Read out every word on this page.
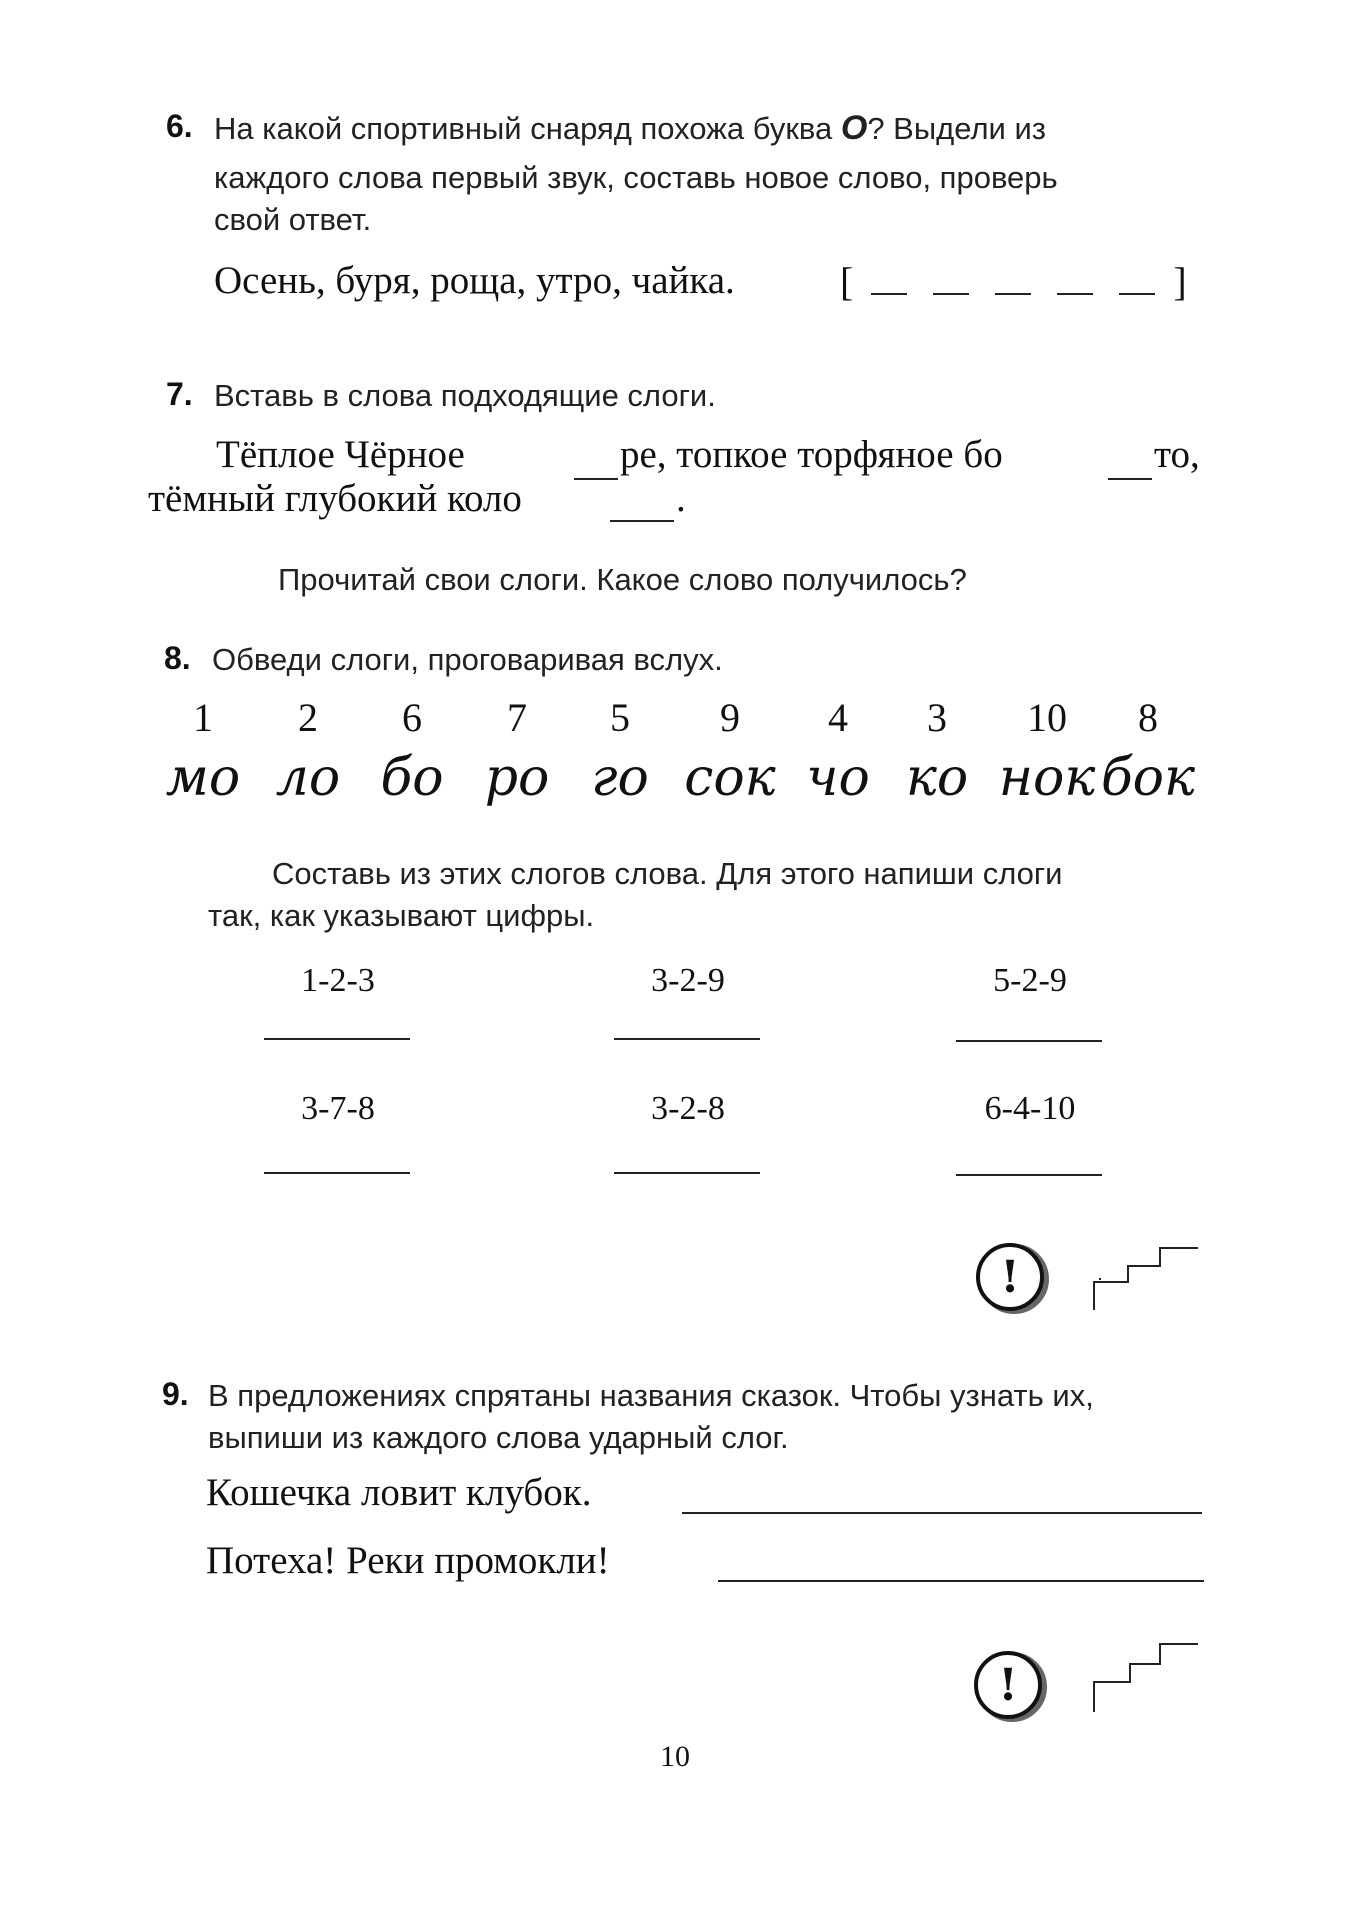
6. На какой спортивный снаряд похожа буква О? Выдели из
каждого слова первый звук, составь новое слово, проверь
свой ответ.
Осень, буря, роща, утро, чайка.	[	]
7. Вставь в слова подходящие слоги.
Тёплое Чёрное	ре, топкое торфяное бо	то,
тёмный глубокий коло	.
Прочитай свои слоги. Какое слово получилось?
8. Обведи слоги, проговаривая вслух.
1	2	6	7	5	9	4	3	10	8
мо ло бо ро го сок чо ко нок бок
Составь из этих слогов слова. Для этого напиши слоги
так, как указывают цифры.
1-2-3	3-2-9	5-2-9
3-7-8	3-2-8	6-4-10
!
9. В предложениях спрятаны названия сказок. Чтобы узнать их,
выпиши из каждого слова ударный слог.
Кошечка ловит клубок.
Потеха! Реки промокли!
!
10
